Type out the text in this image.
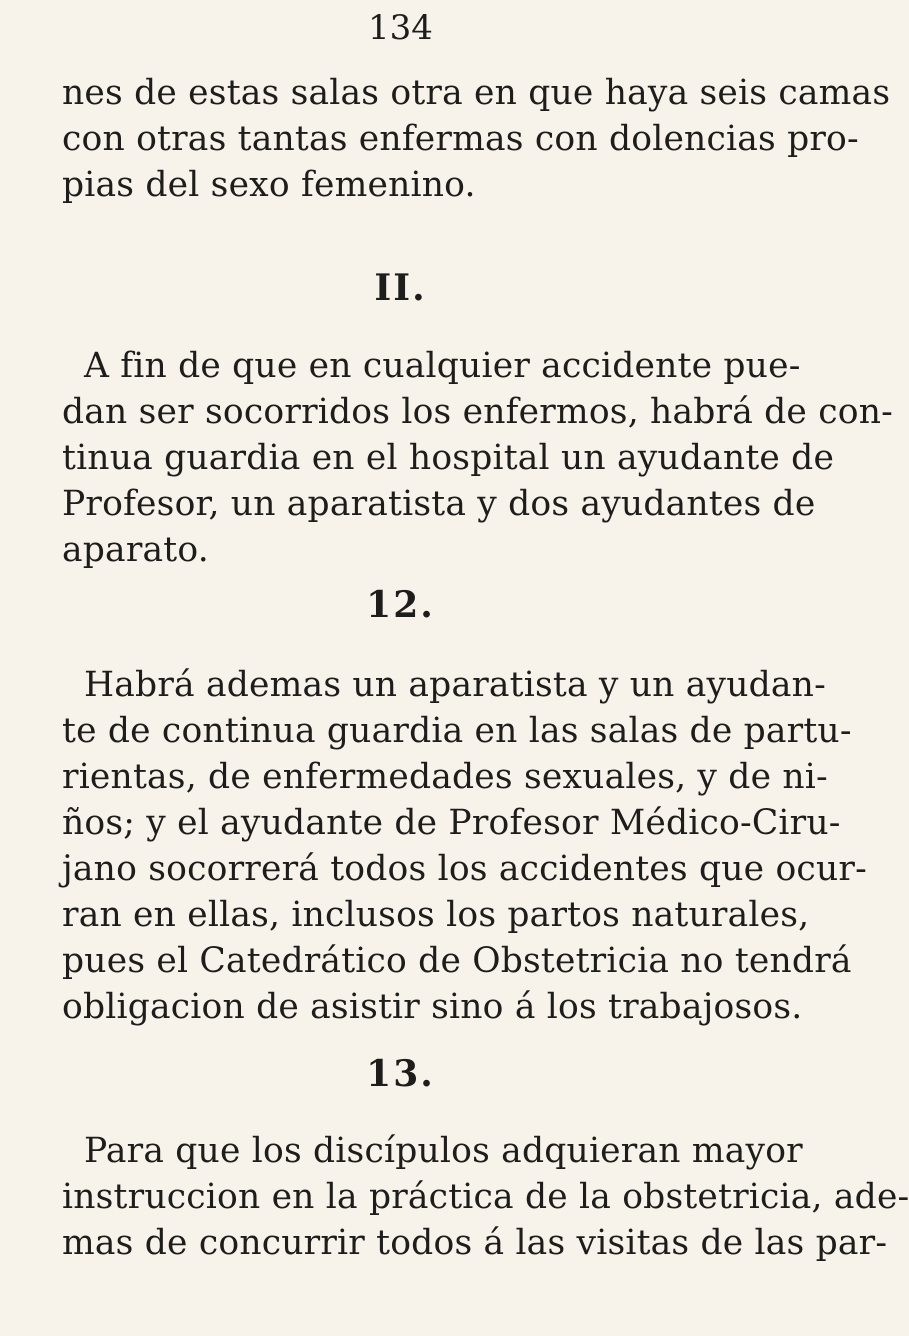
134
nes de estas salas otra en que haya seis camas
con otras tantas enfermas con dolencias pro-
pias del sexo femenino.
II.
A fin de que en cualquier accidente pue-
dan ser socorridos los enfermos, habrá de con-
tinua guardia en el hospital un ayudante de
Profesor, un aparatista y dos ayudantes de
aparato.
12.
Habrá ademas un aparatista y un ayudan-
te de continua guardia en las salas de partu-
rientas, de enfermedades sexuales, y de ni-
ños; y el ayudante de Profesor Médico-Ciru-
jano socorrerá todos los accidentes que ocur-
ran en ellas, inclusos los partos naturales,
pues el Catedrático de Obstetricia no tendrá
obligacion de asistir sino á los trabajosos.
13.
Para que los discípulos adquieran mayor
instruccion en la práctica de la obstetricia, ade-
mas de concurrir todos á las visitas de las par-
